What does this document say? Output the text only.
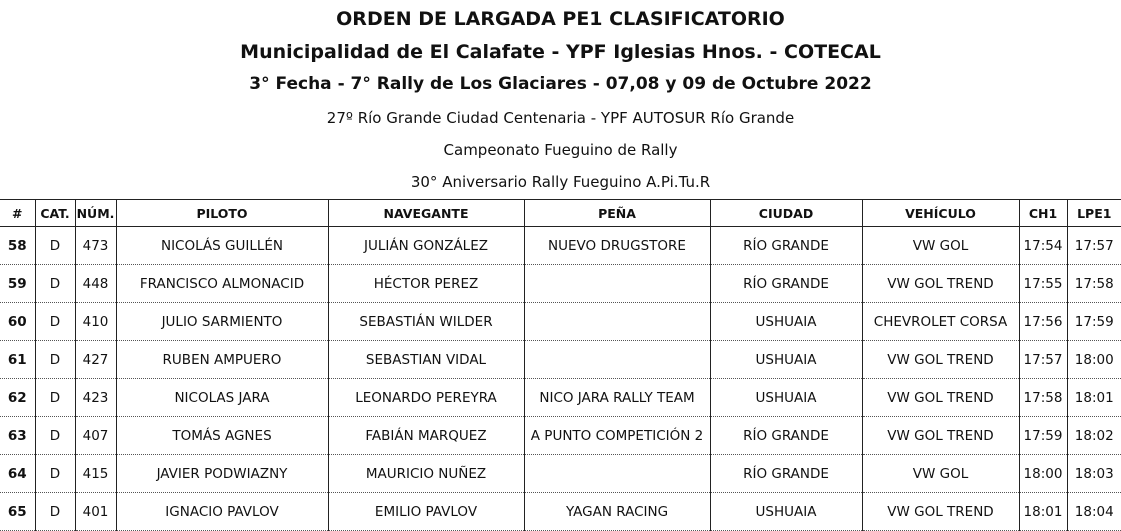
ORDEN DE LARGADA PE1 CLASIFICATORIO
Municipalidad de El Calafate - YPF Iglesias Hnos. - COTECAL
3° Fecha - 7° Rally de Los Glaciares - 07,08 y 09 de Octubre 2022
27º Río Grande Ciudad Centenaria - YPF AUTOSUR Río Grande
Campeonato Fueguino de Rally
30° Aniversario Rally Fueguino A.Pi.Tu.R
#	CAT.	NÚM.	PILOTO	NAVEGANTE	PEÑA	CIUDAD	VEHÍCULO	CH1	LPE1
58	D	473	NICOLÁS GUILLÉN	JULIÁN GONZÁLEZ	NUEVO DRUGSTORE	RÍO GRANDE	VW GOL	17:54	17:57
59	D	448	FRANCISCO ALMONACID	HÉCTOR PEREZ		RÍO GRANDE	VW GOL TREND	17:55	17:58
60	D	410	JULIO SARMIENTO	SEBASTIÁN WILDER		USHUAIA	CHEVROLET CORSA	17:56	17:59
61	D	427	RUBEN AMPUERO	SEBASTIAN VIDAL		USHUAIA	VW GOL TREND	17:57	18:00
62	D	423	NICOLAS JARA	LEONARDO PEREYRA	NICO JARA RALLY TEAM	USHUAIA	VW GOL TREND	17:58	18:01
63	D	407	TOMÁS AGNES	FABIÁN MARQUEZ	A PUNTO COMPETICIÓN 2	RÍO GRANDE	VW GOL TREND	17:59	18:02
64	D	415	JAVIER PODWIAZNY	MAURICIO NUÑEZ		RÍO GRANDE	VW GOL	18:00	18:03
65	D	401	IGNACIO PAVLOV	EMILIO PAVLOV	YAGAN RACING	USHUAIA	VW GOL TREND	18:01	18:04
